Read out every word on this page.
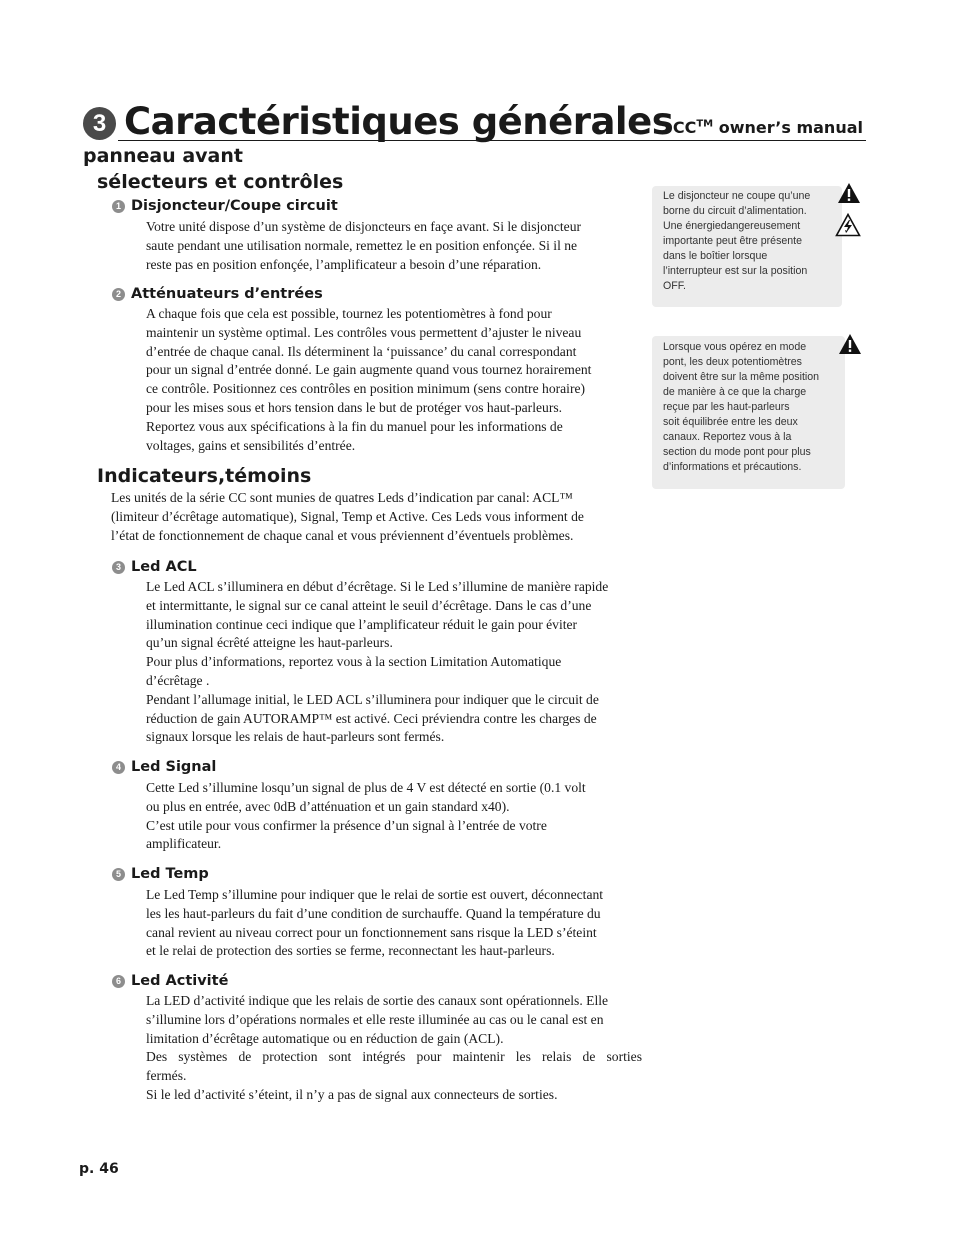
3 Caractéristiques générales CC™ owner’s manual
panneau avant
sélecteurs et contrôles
1 Disjoncteur/Coupe circuit

Votre unité dispose d’un système de disjoncteurs en façe avant. Si le disjoncteur

saute pendant une utilisation normale, remettez le en position enfonçée. Si il ne

reste pas en position enfonçée, l’amplificateur a besoin d’une réparation.

2 Atténuateurs d’entrées

A chaque fois que cela est possible, tournez les potentiomètres à fond pour

maintenir un système optimal. Les contrôles vous permettent d’ajuster le niveau

d’entrée de chaque canal. Ils déterminent la ‘puissance’ du canal correspondant

pour un signal d’entrée donné. Le gain augmente quand vous tournez horairement

ce contrôle. Positionnez ces contrôles en position minimum (sens contre horaire)

pour les mises sous et hors tension dans le but de protéger vos haut-parleurs.

Reportez vous aux spécifications à la fin du manuel pour les informations de

voltages, gains et sensibilités d’entrée.

Indicateurs,témoins

Les unités de la série CC sont munies de quatres Leds d’indication par canal: ACL™

(limiteur d’écrêtage automatique), Signal, Temp et Active. Ces Leds vous informent de

l’état de fonctionnement de chaque canal et vous préviennent d’éventuels problèmes.

3 Led ACL

Le Led ACL s’illuminera en début d’écrêtage. Si le Led s’illumine de manière rapide

et intermittante, le signal sur ce canal atteint le seuil d’écrêtage. Dans le cas d’une

illumination continue ceci indique que l’amplificateur réduit le gain pour éviter

qu’un signal écrêté atteigne les haut-parleurs.

Pour plus d’informations, reportez vous à la section Limitation Automatique

d’écrêtage .

Pendant l’allumage initial, le LED ACL s’illuminera pour indiquer que le circuit de

réduction de gain AUTORAMP™ est activé. Ceci préviendra contre les charges de

signaux lorsque les relais de haut-parleurs sont fermés.

4 Led Signal

Cette Led s’illumine losqu’un signal de plus de 4 V est détecté en sortie (0.1 volt

ou plus en entrée, avec 0dB d’atténuation et un gain standard x40).

C’est utile pour vous confirmer la présence d’un signal à l’entrée de votre

amplificateur.

5 Led Temp

Le Led Temp s’illumine pour indiquer que le relai de sortie est ouvert, déconnectant

les les haut-parleurs du fait d’une condition de surchauffe. Quand la température du

canal revient au niveau correct pour un fonctionnement sans risque la LED s’éteint

et le relai de protection des sorties se ferme, reconnectant les haut-parleurs.

6 Led Activité

La LED d’activité indique que les relais de sortie des canaux sont opérationnels. Elle

s’illumine lors d’opérations normales et elle reste illuminée au cas ou le canal est en

limitation d’écrêtage automatique ou en réduction de gain (ACL).

Des systèmes de protection sont intégrés pour maintenir les relais de sorties

fermés.

Si le led d’activité s’éteint, il n’y a pas de signal aux connecteurs de sorties.

Le disjoncteur ne coupe qu’une

borne du circuit d’alimentation.

Une énergiedangereusement

importante peut être présente

dans le boîtier lorsque

l’interrupteur est sur la position

OFF.

Lorsque vous opérez en mode

pont, les deux potentiomètres

doivent être sur la même position

de manière à ce que la charge

reçue par les haut-parleurs

soit équilibrée entre les deux

canaux. Reportez vous à la

section du mode pont pour plus

d’informations et précautions.

p. 46
